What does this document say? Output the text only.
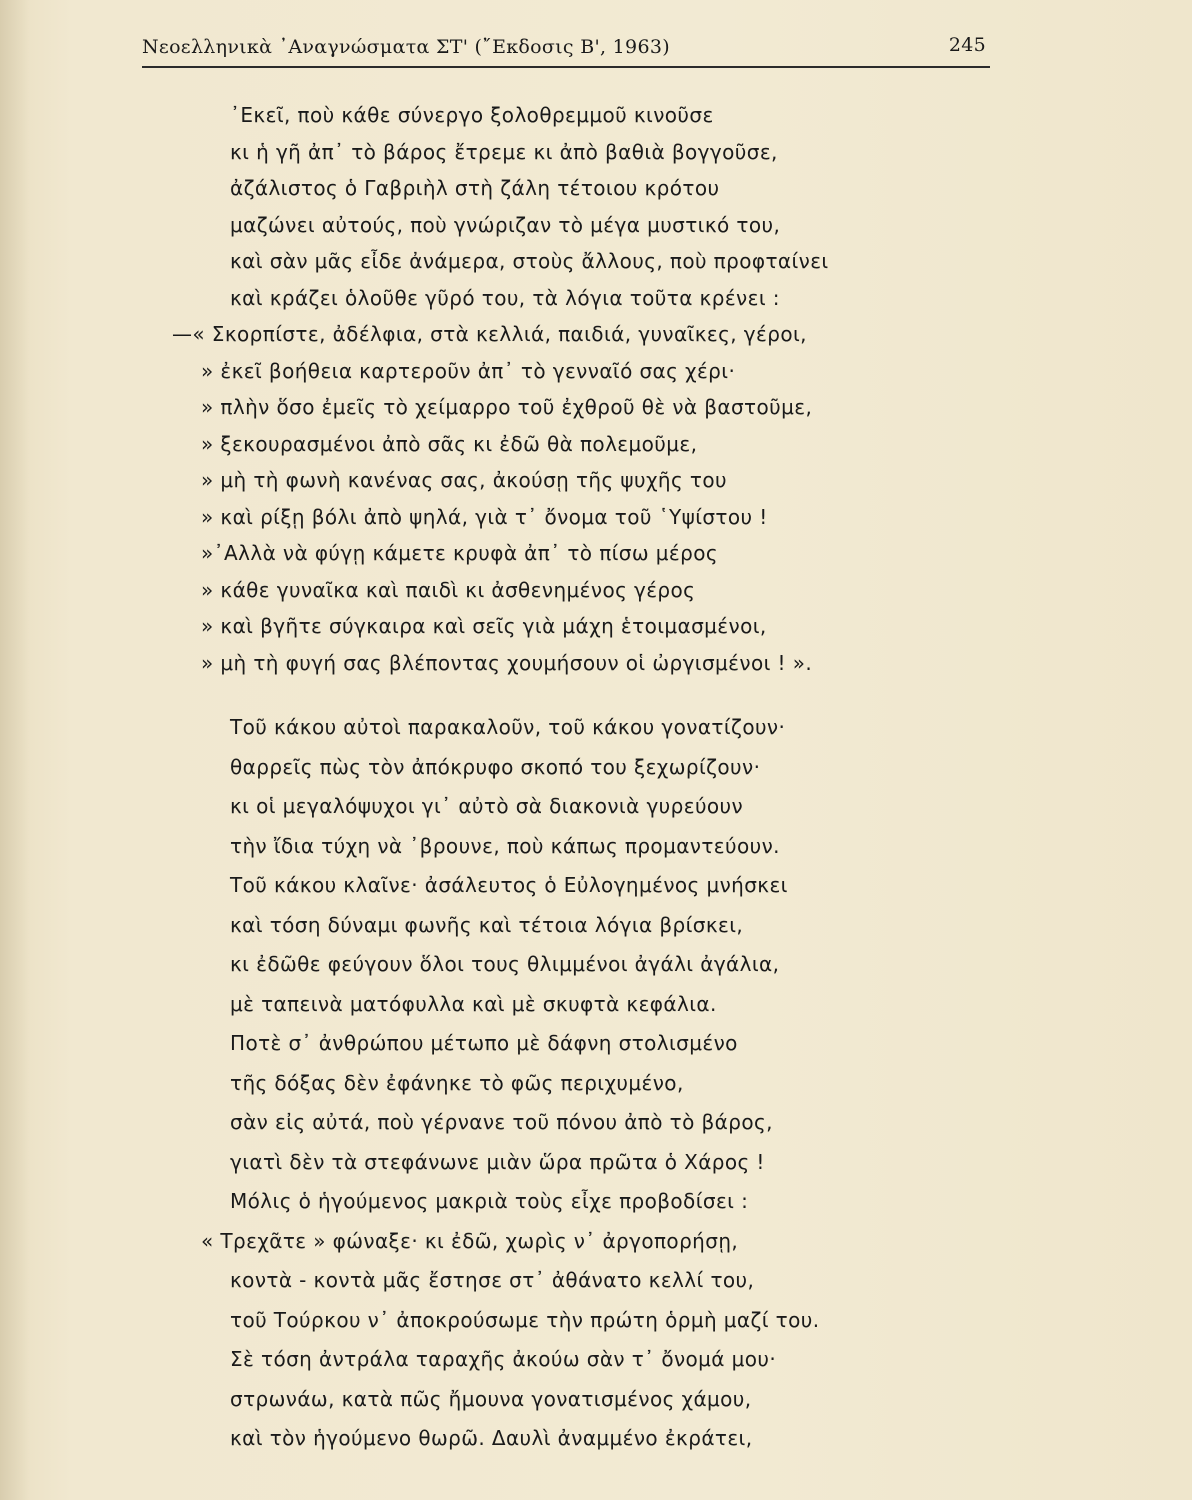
Νεοελληνικὰ ᾿Αναγνώσματα ΣΤ' (῎Εκδοσις Β', 1963)	245
᾿Εκεῖ, ποὺ κάθε σύνεργο ξολοθρεμμοῦ κινοῦσε
κι ἡ γῆ ἀπ᾿ τὸ βάρος ἔτρεμε κι ἀπὸ βαθιὰ βογγοῦσε,
ἀζάλιστος ὁ Γαβριὴλ στὴ ζάλη τέτοιου κρότου
μαζώνει αὐτούς, ποὺ γνώριζαν τὸ μέγα μυστικό του,
καὶ σὰν μᾶς εἶδε ἀνάμερα, στοὺς ἄλλους, ποὺ προφταίνει
καὶ κράζει ὁλοῦθε γῦρό του, τὰ λόγια τοῦτα κρένει :
—« Σκορπίστε, ἀδέλφια, στὰ κελλιά, παιδιά, γυναῖκες, γέροι,
» ἐκεῖ βοήθεια καρτεροῦν ἀπ᾿ τὸ γενναῖό σας χέρι·
» πλὴν ὅσο ἐμεῖς τὸ χείμαρρο τοῦ ἐχθροῦ θὲ νὰ βαστοῦμε,
» ξεκουρασμένοι ἀπὸ σᾶς κι ἐδῶ θὰ πολεμοῦμε,
» μὴ τὴ φωνὴ κανένας σας, ἀκούσῃ τῆς ψυχῆς του
» καὶ ρίξῃ βόλι ἀπὸ ψηλά, γιὰ τ᾿ ὄνομα τοῦ ῾Υψίστου !
»᾿Αλλὰ νὰ φύγῃ κάμετε κρυφὰ ἀπ᾿ τὸ πίσω μέρος
» κάθε γυναῖκα καὶ παιδὶ κι ἀσθενημένος γέρος
» καὶ βγῆτε σύγκαιρα καὶ σεῖς γιὰ μάχη ἑτοιμασμένοι,
» μὴ τὴ φυγή σας βλέποντας χουμήσουν οἱ ὠργισμένοι ! ».
Τοῦ κάκου αὐτοὶ παρακαλοῦν, τοῦ κάκου γονατίζουν·
θαρρεῖς πὼς τὸν ἀπόκρυφο σκοπό του ξεχωρίζουν·
κι οἱ μεγαλόψυχοι γι᾿ αὐτὸ σὰ διακονιὰ γυρεύουν
τὴν ἴδια τύχη νὰ ᾿βρουνε, ποὺ κάπως προμαντεύουν.
Τοῦ κάκου κλαῖνε· ἀσάλευτος ὁ Εὐλογημένος μνήσκει
καὶ τόση δύναμι φωνῆς καὶ τέτοια λόγια βρίσκει,
κι ἐδῶθε φεύγουν ὅλοι τους θλιμμένοι ἀγάλι ἀγάλια,
μὲ ταπεινὰ ματόφυλλα καὶ μὲ σκυφτὰ κεφάλια.
Ποτὲ σ᾿ ἀνθρώπου μέτωπο μὲ δάφνη στολισμένο
τῆς δόξας δὲν ἐφάνηκε τὸ φῶς περιχυμένο,
σὰν εἰς αὐτά, ποὺ γέρνανε τοῦ πόνου ἀπὸ τὸ βάρος,
γιατὶ δὲν τὰ στεφάνωνε μιὰν ὥρα πρῶτα ὁ Χάρος !
Μόλις ὁ ἡγούμενος μακριὰ τοὺς εἶχε προβοδίσει :
« Τρεχᾶτε » φώναξε· κι ἐδῶ, χωρὶς ν᾿ ἀργοπορήσῃ,
κοντὰ - κοντὰ μᾶς ἔστησε στ᾿ ἀθάνατο κελλί του,
τοῦ Τούρκου ν᾿ ἀποκρούσωμε τὴν πρώτη ὁρμὴ μαζί του.
Σὲ τόση ἀντράλα ταραχῆς ἀκούω σὰν τ᾿ ὄνομά μου·
στρωνάω, κατὰ πῶς ἤμουνα γονατισμένος χάμου,
καὶ τὸν ἡγούμενο θωρῶ. Δαυλὶ ἀναμμένο ἐκράτει,
